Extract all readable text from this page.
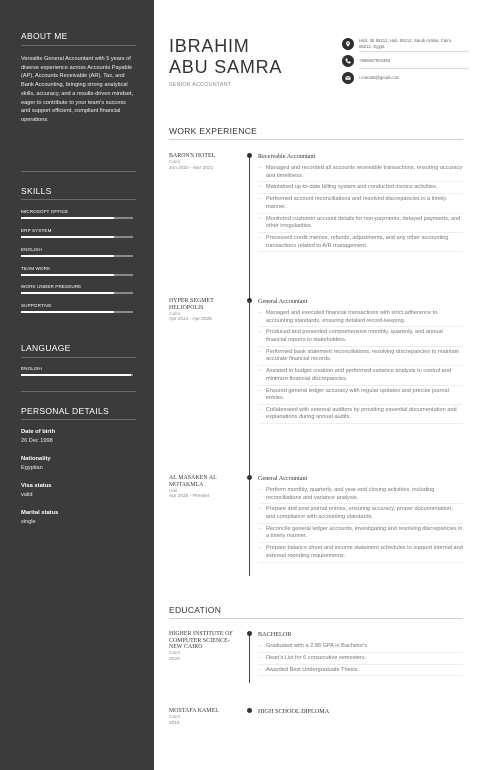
ABOUT ME
Versatile General Accountant with 5 years of diverse experience across Accounts Payable (AP), Accounts Receivable (AR), Tax, and Bank Accounting, bringing strong analytical skills, accuracy, and a results-driven mindset, eager to contribute to your team's success and support efficient, compliant financial operations.
SKILLS
MICROSOFT OFFICE
ERP SYSTEM
ENGLISH
TEAM WORK
WORK UNDER PRESSURE
SUPPORTIVE
LANGUAGE
ENGLISH
PERSONAL DETAILS
Date of birth
26 Dec 1998
Nationality
Egyptian
Visa status
valid
Marital status
single
IBRAHIM
ABU SAMRA
SENIOR ACCOUNTANT
Ha'il, 06 55212, Hail, 55212, Saudi Arabia, Cairo, 55212, Egypt
+966057804383
i.manat8@gmail.com
WORK EXPERIENCE
BARON'S HOTEL
Cairo
Jun 2020 - Mar 2021
Receivable Accountant
– Managed and recorded all accounts receivable transactions, ensuring accuracy and timeliness.
– Maintained up-to-date billing system and conducted invoice activities.
– Performed account reconciliations and resolved discrepancies in a timely manner.
– Monitored customer account details for non-payments, delayed payments, and other irregularities.
– Processed credit memos, refunds, adjustments, and any other accounting transactions related to A/R management.
HYPER SEGMET HELIOPOLIS
Cairo
Apr 2021 - Apr 2025
General Accountant
– Managed and executed financial transactions with strict adherence to accounting standards, ensuring detailed record-keeping.
– Produced and presented comprehensive monthly, quarterly, and annual financial reports to stakeholders.
– Performed bank statement reconciliations, resolving discrepancies to maintain accurate financial records.
– Assisted in budget creation and performed variance analysis to control and minimize financial discrepancies.
– Ensured general ledger accuracy with regular updates and precise journal entries.
– Collaborated with external auditors by providing essential documentation and explanations during annual audits.
AL MASAKEN AL MOTAKMLA
Hail
Apr 2025 - Present
General Accountant
– Perform monthly, quarterly, and year-end closing activities, including reconciliations and variance analysis.
– Prepare and post journal entries, ensuring accuracy, proper documentation, and compliance with accounting standards.
– Reconcile general ledger accounts, investigating and resolving discrepancies in a timely manner.
– Prepare balance sheet and income statement schedules to support internal and external reporting requirements.
EDUCATION
HIGHER INSTITUTE OF COMPUTER SCIENCE-NEW CAIRO
Cairo
2020
BACHELOR
– Graduated with a 2.88 GPA in Bachelor's.
– Dean's List for 6 consecutive semesters.
– Awarded Best Undergraduate Thesis.
MOSTAFA KAMEL
Cairo
2016
HIGH SCHOOL DIPLOMA
